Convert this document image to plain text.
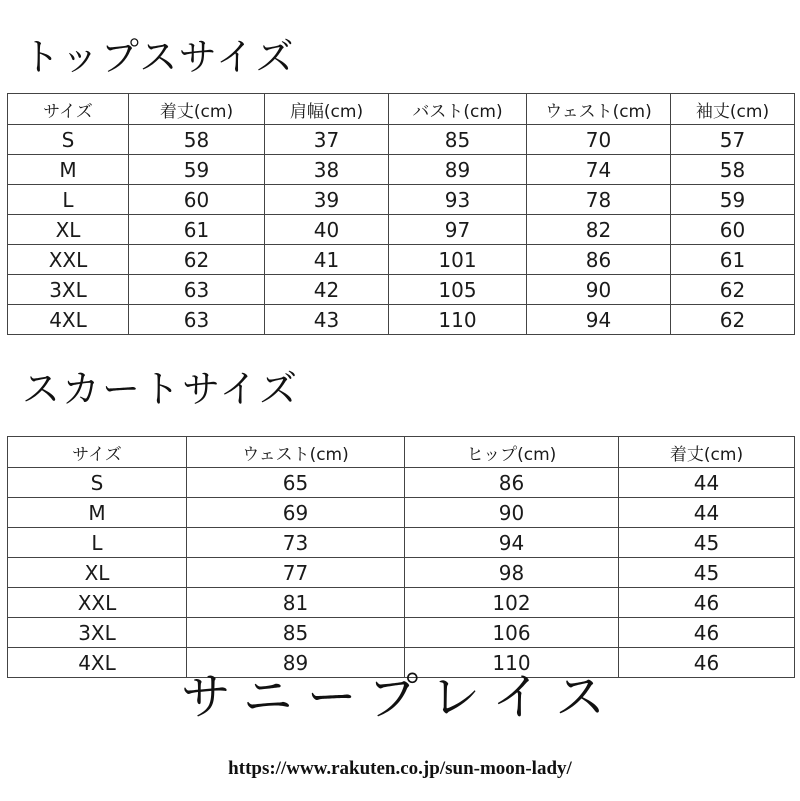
トップスサイズ
サイズ	着丈(cm)	肩幅(cm)	バスト(cm)	ウェスト(cm)	袖丈(cm)
S	58	37	85	70	57
M	59	38	89	74	58
L	60	39	93	78	59
XL	61	40	97	82	60
XXL	62	41	101	86	61
3XL	63	42	105	90	62
4XL	63	43	110	94	62
スカートサイズ
サイズ	ウェスト(cm)	ヒップ(cm)	着丈(cm)
S	65	86	44
M	69	90	44
L	73	94	45
XL	77	98	45
XXL	81	102	46
3XL	85	106	46
4XL	89	110	46
サニープレイス
https://www.rakuten.co.jp/sun-moon-lady/
